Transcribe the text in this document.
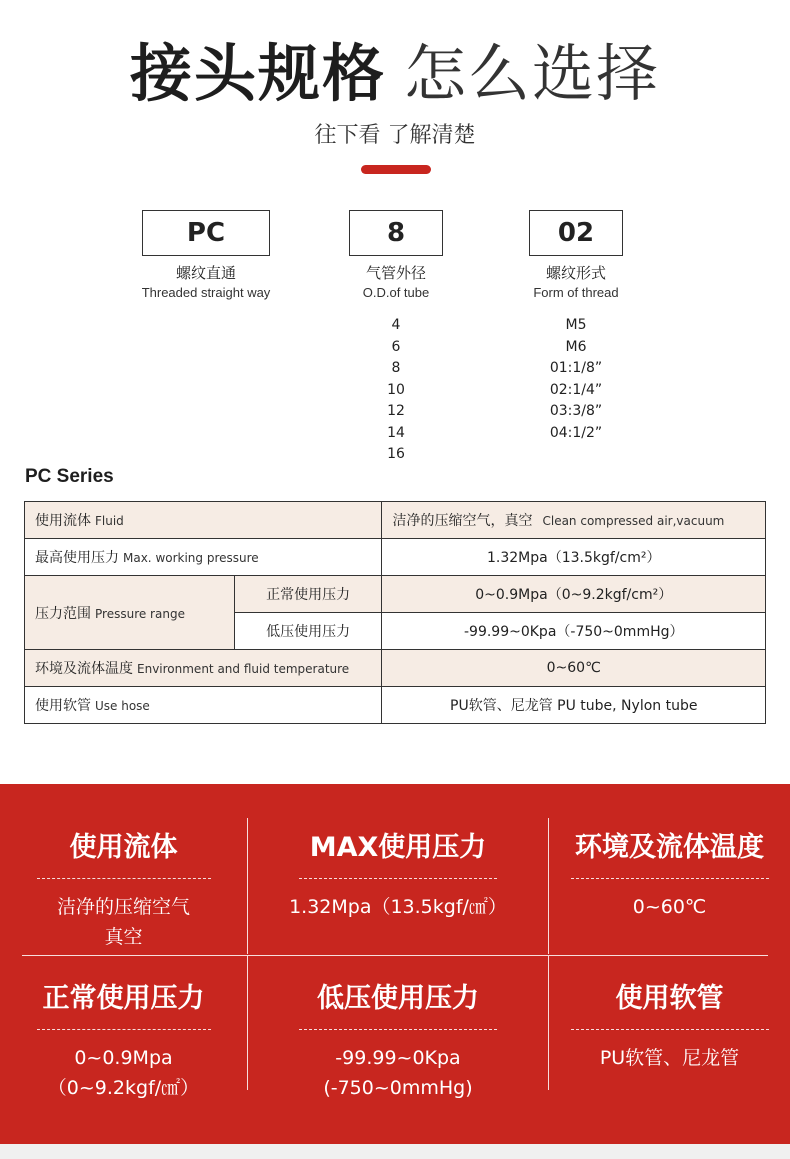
接头规格 怎么选择
往下看 了解清楚
PC
螺纹直通
Threaded straight way
8
气管外径
O.D.of tube
4
6
8
10
12
14
16
02
螺纹形式
Form of thread
M5
M6
01:1/8”
02:1/4”
03:3/8”
04:1/2”
PC Series
使用流体 Fluid		洁净的压缩空气，真空 Clean compressed air,vacuum
最高使用压力 Max. working pressure		1.32Mpa（13.5kgf/cm²）
压力范围 Pressure range	正常使用压力	0~0.9Mpa（0~9.2kgf/cm²）
	低压使用压力	-99.99~0Kpa（-750~0mmHg）
环境及流体温度 Environment and fluid temperature		0~60℃
使用软管 Use hose		PU软管、尼龙管 PU tube, Nylon tube
使用流体
洁净的压缩空气
真空
MAX使用压力
1.32Mpa（13.5kgf/㎠）
环境及流体温度
0~60℃
正常使用压力
0~0.9Mpa
（0~9.2kgf/㎠）
低压使用压力
-99.99~0Kpa
(-750~0mmHg)
使用软管
PU软管、尼龙管
